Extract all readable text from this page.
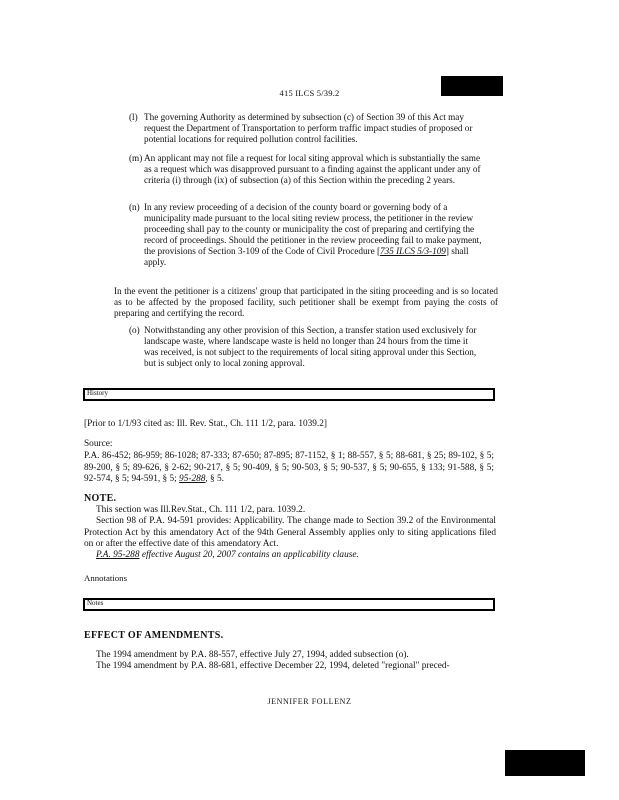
415 ILCS 5/39.2
(l) The governing Authority as determined by subsection (c) of Section 39 of this Act may request the Department of Transportation to perform traffic impact studies of proposed or potential locations for required pollution control facilities.
(m) An applicant may not file a request for local siting approval which is substantially the same as a request which was disapproved pursuant to a finding against the applicant under any of criteria (i) through (ix) of subsection (a) of this Section within the preceding 2 years.
(n) In any review proceeding of a decision of the county board or governing body of a municipality made pursuant to the local siting review process, the petitioner in the review proceeding shall pay to the county or municipality the cost of preparing and certifying the record of proceedings. Should the petitioner in the review proceeding fail to make payment, the provisions of Section 3-109 of the Code of Civil Procedure [735 ILCS 5/3-109] shall apply.
In the event the petitioner is a citizens' group that participated in the siting proceeding and is so located as to be affected by the proposed facility, such petitioner shall be exempt from paying the costs of preparing and certifying the record.
(o) Notwithstanding any other provision of this Section, a transfer station used exclusively for landscape waste, where landscape waste is held no longer than 24 hours from the time it was received, is not subject to the requirements of local siting approval under this Section, but is subject only to local zoning approval.
History
[Prior to 1/1/93 cited as: Ill. Rev. Stat., Ch. 111 1/2, para. 1039.2]
Source:
P.A. 86-452; 86-959; 86-1028; 87-333; 87-650; 87-895; 87-1152, § 1; 88-557, § 5; 88-681, § 25; 89-102, § 5; 89-200, § 5; 89-626, § 2-62; 90-217, § 5; 90-409, § 5; 90-503, § 5; 90-537, § 5; 90-655, § 133; 91-588, § 5; 92-574, § 5; 94-591, § 5; 95-288, § 5.
NOTE.
This section was Ill.Rev.Stat., Ch. 111 1/2, para. 1039.2.
Section 98 of P.A. 94-591 provides: Applicability. The change made to Section 39.2 of the Environmental Protection Act by this amendatory Act of the 94th General Assembly applies only to siting applications filed on or after the effective date of this amendatory Act.
P.A. 95-288 effective August 20, 2007 contains an applicability clause.
Annotations
Notes
EFFECT OF AMENDMENTS.
The 1994 amendment by P.A. 88-557, effective July 27, 1994, added subsection (o).
The 1994 amendment by P.A. 88-681, effective December 22, 1994, deleted "regional" preced-
JENNIFER FOLLENZ
